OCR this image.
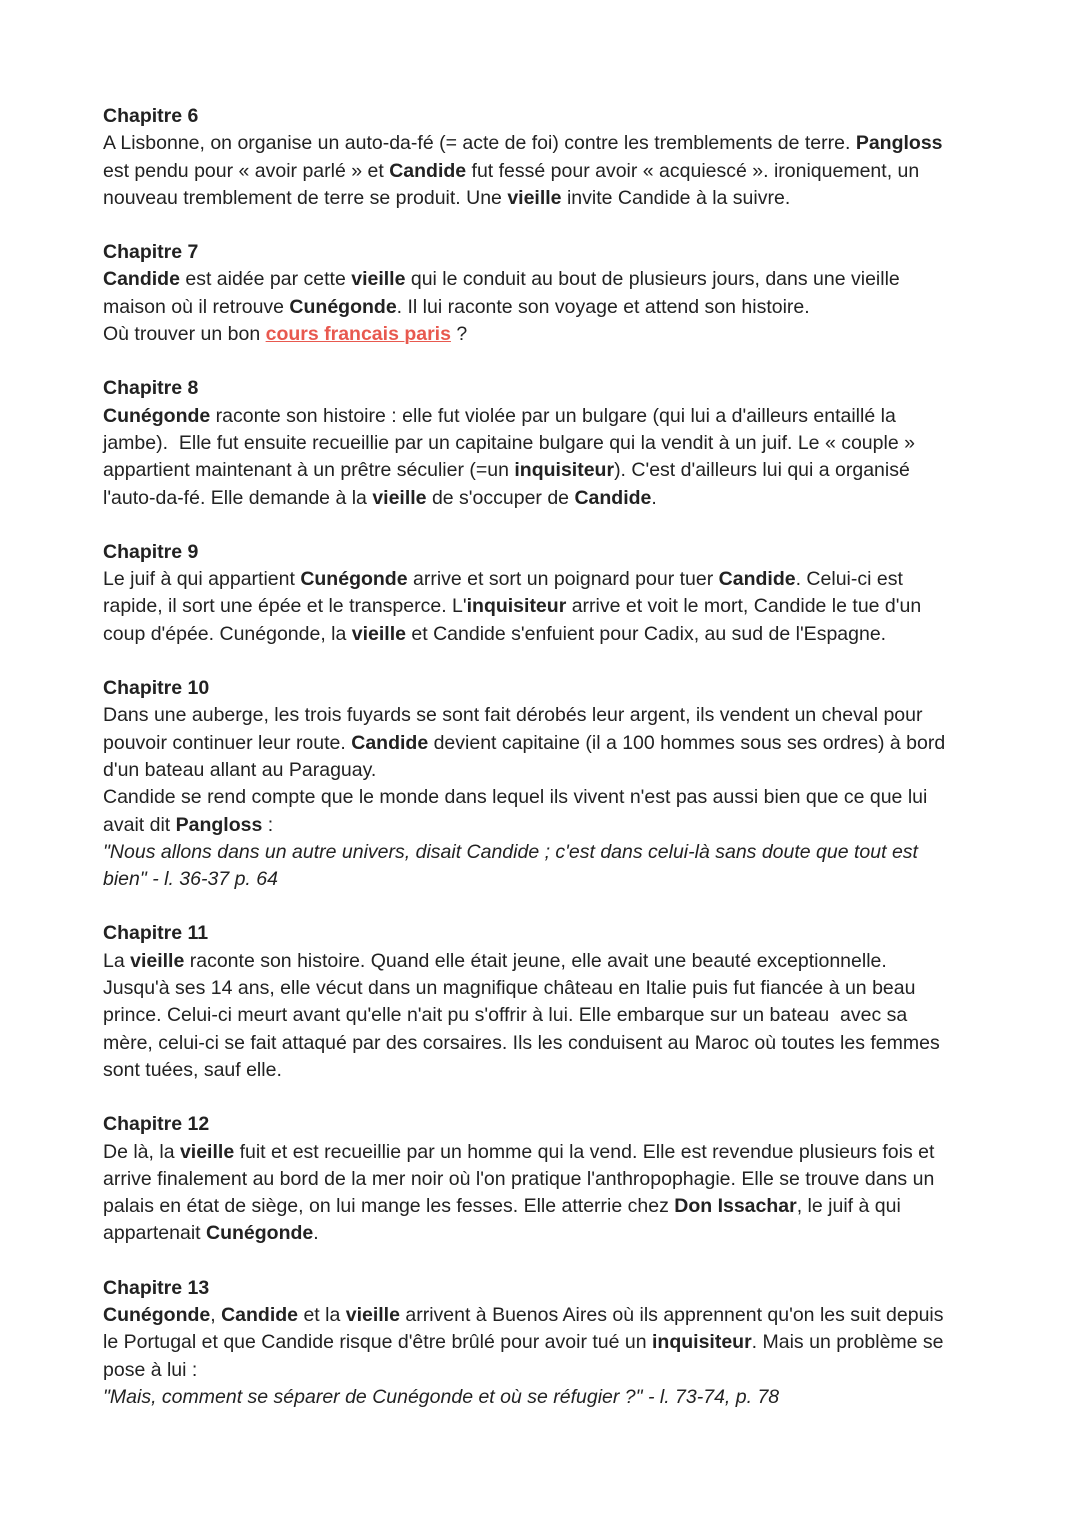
Chapitre 6
A Lisbonne, on organise un auto-da-fé (= acte de foi) contre les tremblements de terre. Pangloss
est pendu pour « avoir parlé » et Candide fut fessé pour avoir « acquiescé ». ironiquement, un
nouveau tremblement de terre se produit. Une vieille invite Candide à la suivre.
Chapitre 7
Candide est aidée par cette vieille qui le conduit au bout de plusieurs jours, dans une vieille
maison où il retrouve Cunégonde. Il lui raconte son voyage et attend son histoire.
Où trouver un bon cours francais paris ?
Chapitre 8
Cunégonde raconte son histoire : elle fut violée par un bulgare (qui lui a d'ailleurs entaillé la
jambe).  Elle fut ensuite recueillie par un capitaine bulgare qui la vendit à un juif. Le « couple »
appartient maintenant à un prêtre séculier (=un inquisiteur). C'est d'ailleurs lui qui a organisé
l'auto-da-fé. Elle demande à la vieille de s'occuper de Candide.
Chapitre 9
Le juif à qui appartient Cunégonde arrive et sort un poignard pour tuer Candide. Celui-ci est
rapide, il sort une épée et le transperce. L'inquisiteur arrive et voit le mort, Candide le tue d'un
coup d'épée. Cunégonde, la vieille et Candide s'enfuient pour Cadix, au sud de l'Espagne.
Chapitre 10
Dans une auberge, les trois fuyards se sont fait dérobés leur argent, ils vendent un cheval pour
pouvoir continuer leur route. Candide devient capitaine (il a 100 hommes sous ses ordres) à bord
d'un bateau allant au Paraguay.
Candide se rend compte que le monde dans lequel ils vivent n'est pas aussi bien que ce que lui
avait dit Pangloss :
"Nous allons dans un autre univers, disait Candide ; c'est dans celui-là sans doute que tout est
bien" - l. 36-37 p. 64
Chapitre 11
La vieille raconte son histoire. Quand elle était jeune, elle avait une beauté exceptionnelle.
Jusqu'à ses 14 ans, elle vécut dans un magnifique château en Italie puis fut fiancée à un beau
prince. Celui-ci meurt avant qu'elle n'ait pu s'offrir à lui. Elle embarque sur un bateau  avec sa
mère, celui-ci se fait attaqué par des corsaires. Ils les conduisent au Maroc où toutes les femmes
sont tuées, sauf elle.
Chapitre 12
De là, la vieille fuit et est recueillie par un homme qui la vend. Elle est revendue plusieurs fois et
arrive finalement au bord de la mer noir où l'on pratique l'anthropophagie. Elle se trouve dans un
palais en état de siège, on lui mange les fesses. Elle atterrie chez Don Issachar, le juif à qui
appartenait Cunégonde.
Chapitre 13
Cunégonde, Candide et la vieille arrivent à Buenos Aires où ils apprennent qu'on les suit depuis
le Portugal et que Candide risque d'être brûlé pour avoir tué un inquisiteur. Mais un problème se
pose à lui :
"Mais, comment se séparer de Cunégonde et où se réfugier ?" - l. 73-74, p. 78
